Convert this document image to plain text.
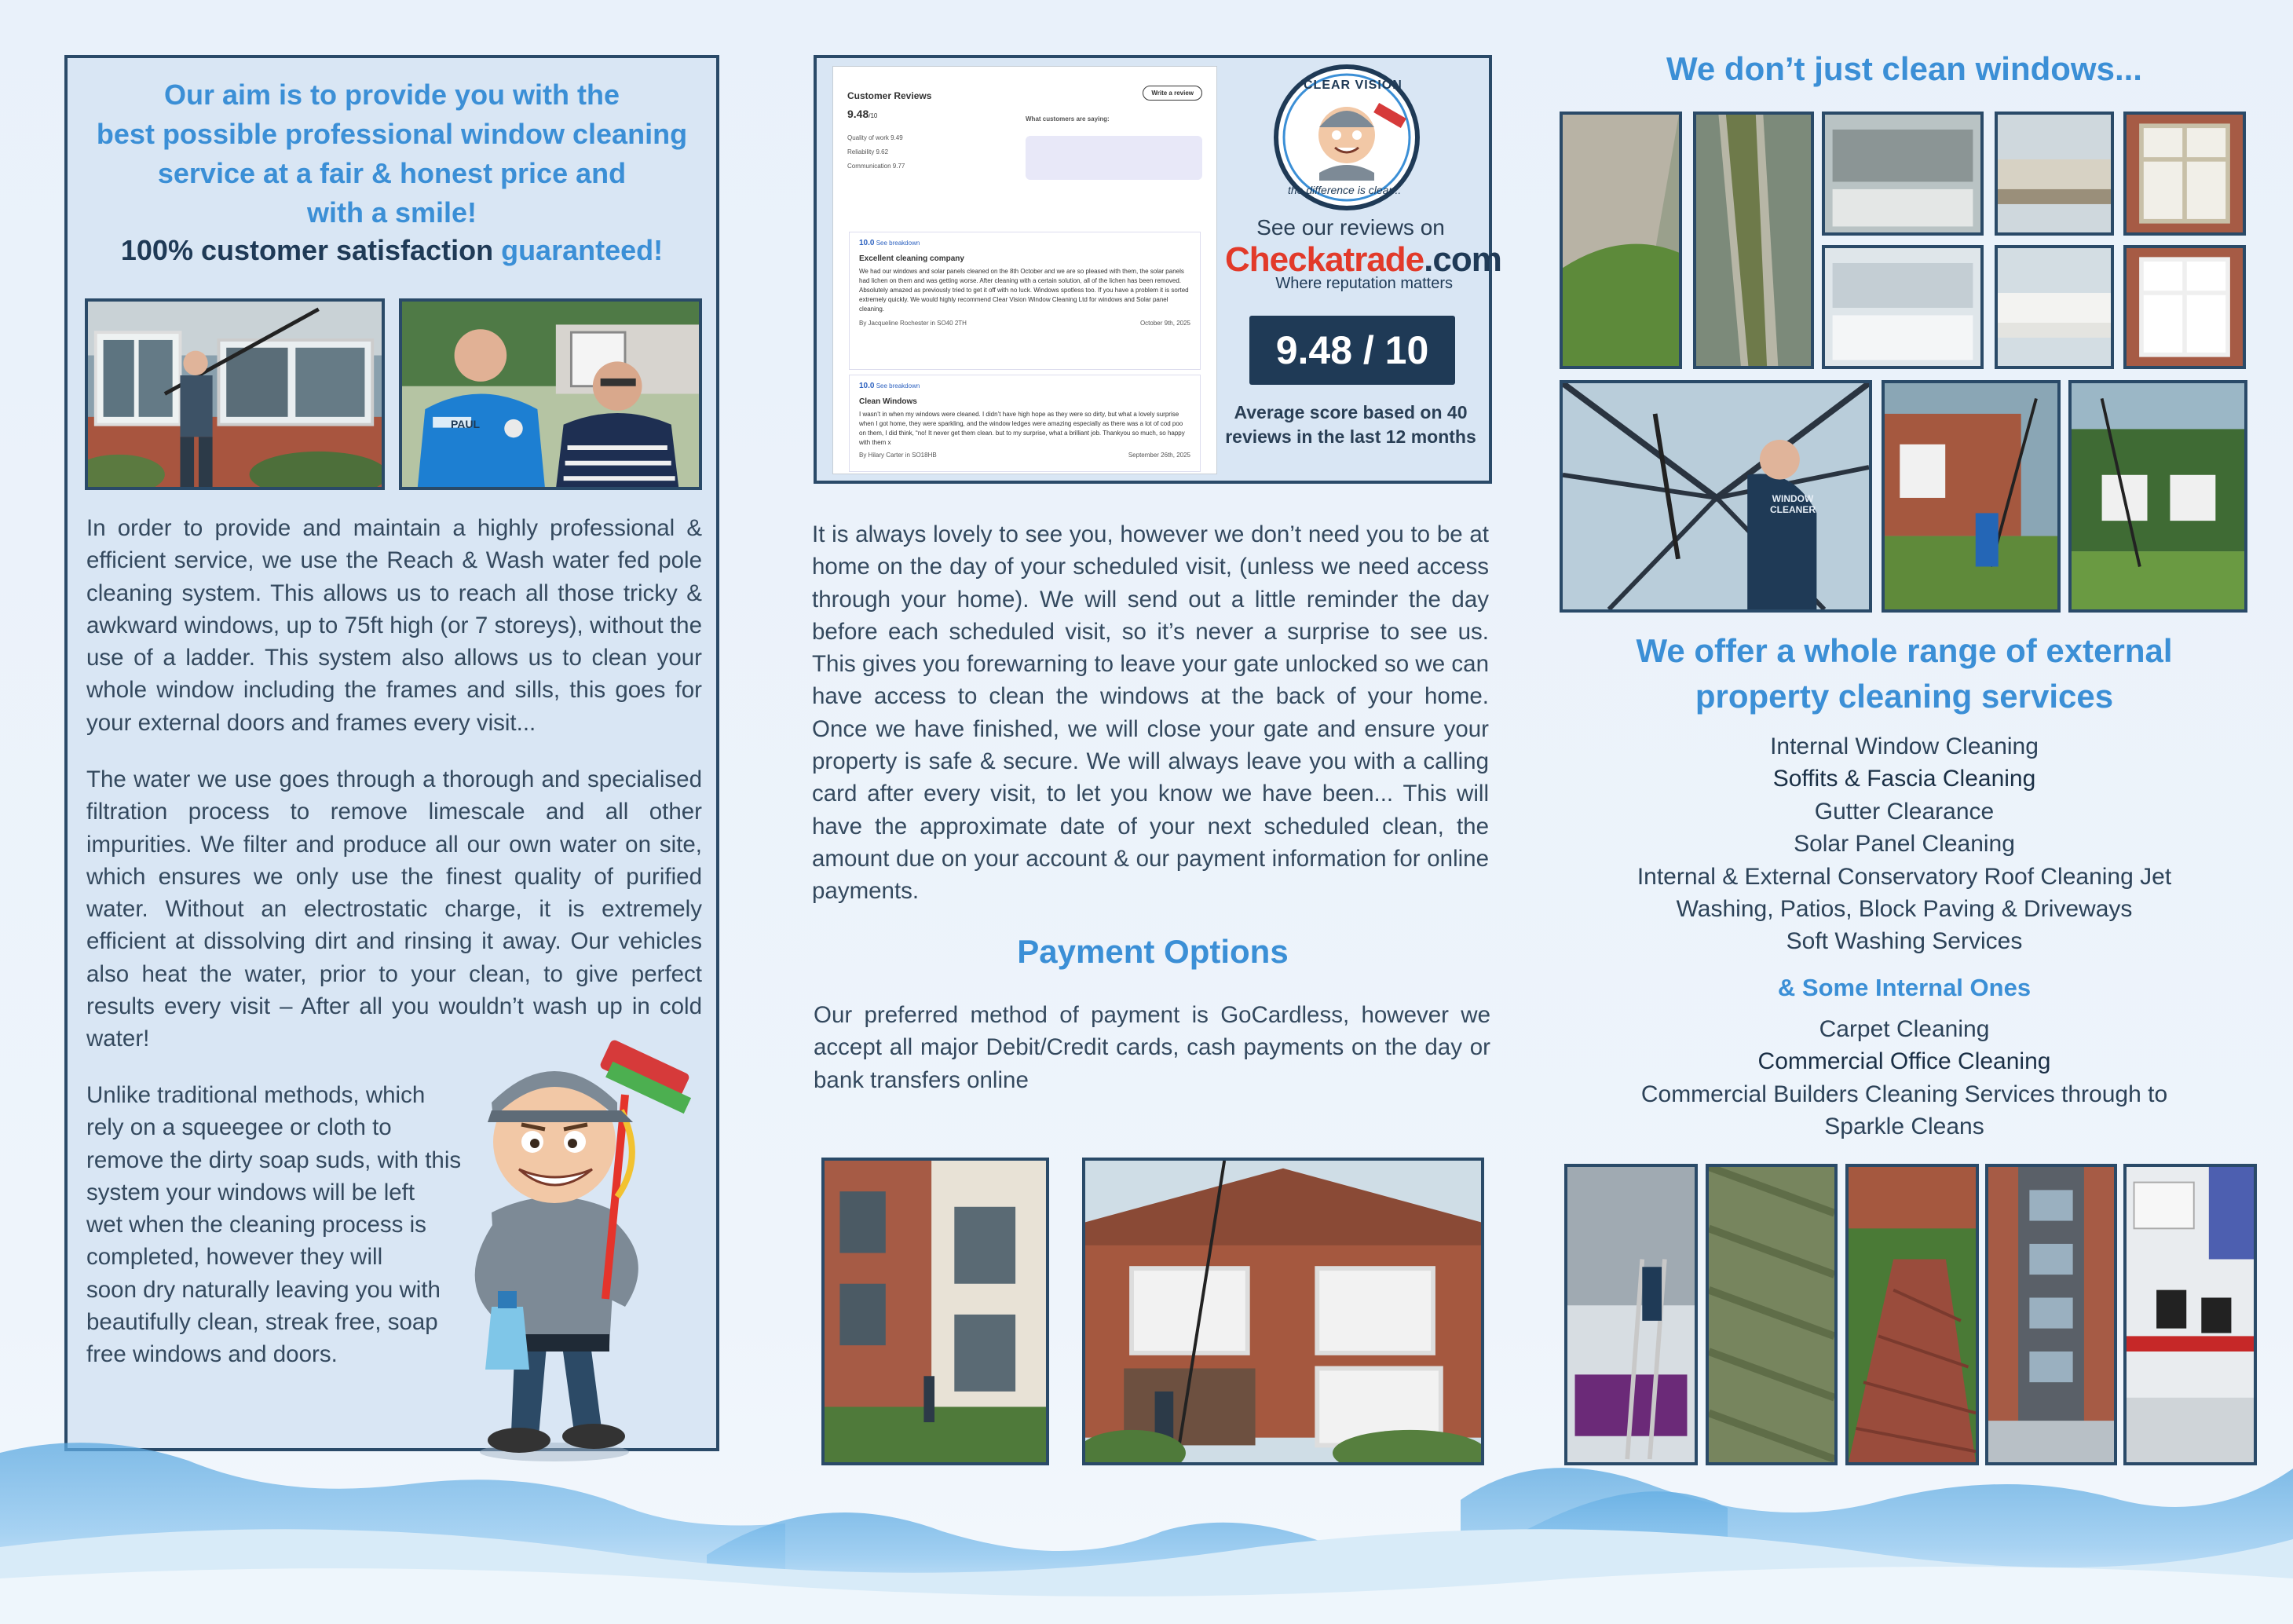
Our aim is to provide you with the
best possible professional window cleaning
service at a fair & honest price and
with a smile!
100% customer satisfaction guaranteed!
PAUL
In order to provide and maintain a highly professional & efficient service, we use the Reach & Wash water fed pole cleaning system. This allows us to reach all those tricky & awkward windows, up to 75ft high (or 7 storeys), without the use of a ladder. This system also allows us to clean your whole window including the frames and sills, this goes for your external doors and frames every visit...
The water we use goes through a thorough and specialised filtration process to remove limescale and all other impurities. We filter and produce all our own water on site, which ensures we only use the finest quality of purified water. Without an electrostatic charge, it is extremely efficient at dissolving dirt and rinsing it away. Our vehicles also heat the water, prior to your clean, to give perfect results every visit – After all you wouldn’t wash up in cold water!
Unlike traditional methods, which
rely on a squeegee or cloth to
remove the dirty soap suds, with this
system your windows will be left
wet when the cleaning process is
completed, however they will
soon dry naturally leaving you with
beautifully clean, streak free, soap
free windows and doors.
Customer Reviews	Write a review
9.48/10
Quality of work 9.49
Reliability 9.62
Communication 9.77
What customers are saying:
10.0 See breakdown
Excellent cleaning company
We had our windows and solar panels cleaned on the 8th October and we are so pleased with them, the solar panels had lichen on them and was getting worse. After cleaning with a certain solution, all of the lichen has been removed. Absolutely amazed as previously tried to get it off with no luck. Windows spotless too. If you have a problem it is sorted extremely quickly. We would highly recommend Clear Vision Window Cleaning Ltd for windows and Solar panel cleaning.
By Jacqueline Rochester in SO40 2TH	October 9th, 2025
10.0 See breakdown
Clean Windows
I wasn’t in when my windows were cleaned. I didn’t have high hope as they were so dirty, but what a lovely surprise when I got home, they were sparkling, and the window ledges were amazing especially as there was a lot of cod poo on them, I did think, “no! It never get them clean. but to my surprise, what a brilliant job. Thankyou so much, so happy with them x
By Hilary Carter in SO18HB	September 26th, 2025
CLEAR VISION
the difference is clear...
See our reviews on
Checkatrade.com
Where reputation matters
9.48 / 10
Average score based on 40
reviews in the last 12 months
It is always lovely to see you, however we don’t need you to be at home on the day of your scheduled visit, (unless we need access through your home). We will send out a little reminder the day before each scheduled visit, so it’s never a surprise to see us. This gives you forewarning to leave your gate unlocked so we can have access to clean the windows at the back of your home. Once we have finished, we will close your gate and ensure your property is safe & secure. We will always leave you with a calling card after every visit, to let you know we have been... This will have the approximate date of your next scheduled clean, the amount due on your account & our payment information for online payments.
Payment Options
Our preferred method of payment is GoCardless, however we accept all major Debit/Credit cards, cash payments on the day or bank transfers online
We don’t just clean windows...
WINDOW CLEANER
We offer a whole range of external
property cleaning services
Internal Window Cleaning
Soffits & Fascia Cleaning
Gutter Clearance
Solar Panel Cleaning
Internal & External Conservatory Roof Cleaning Jet
Washing, Patios, Block Paving & Driveways
Soft Washing Services
& Some Internal Ones
Carpet Cleaning
Commercial Office Cleaning
Commercial Builders Cleaning Services through to
Sparkle Cleans
